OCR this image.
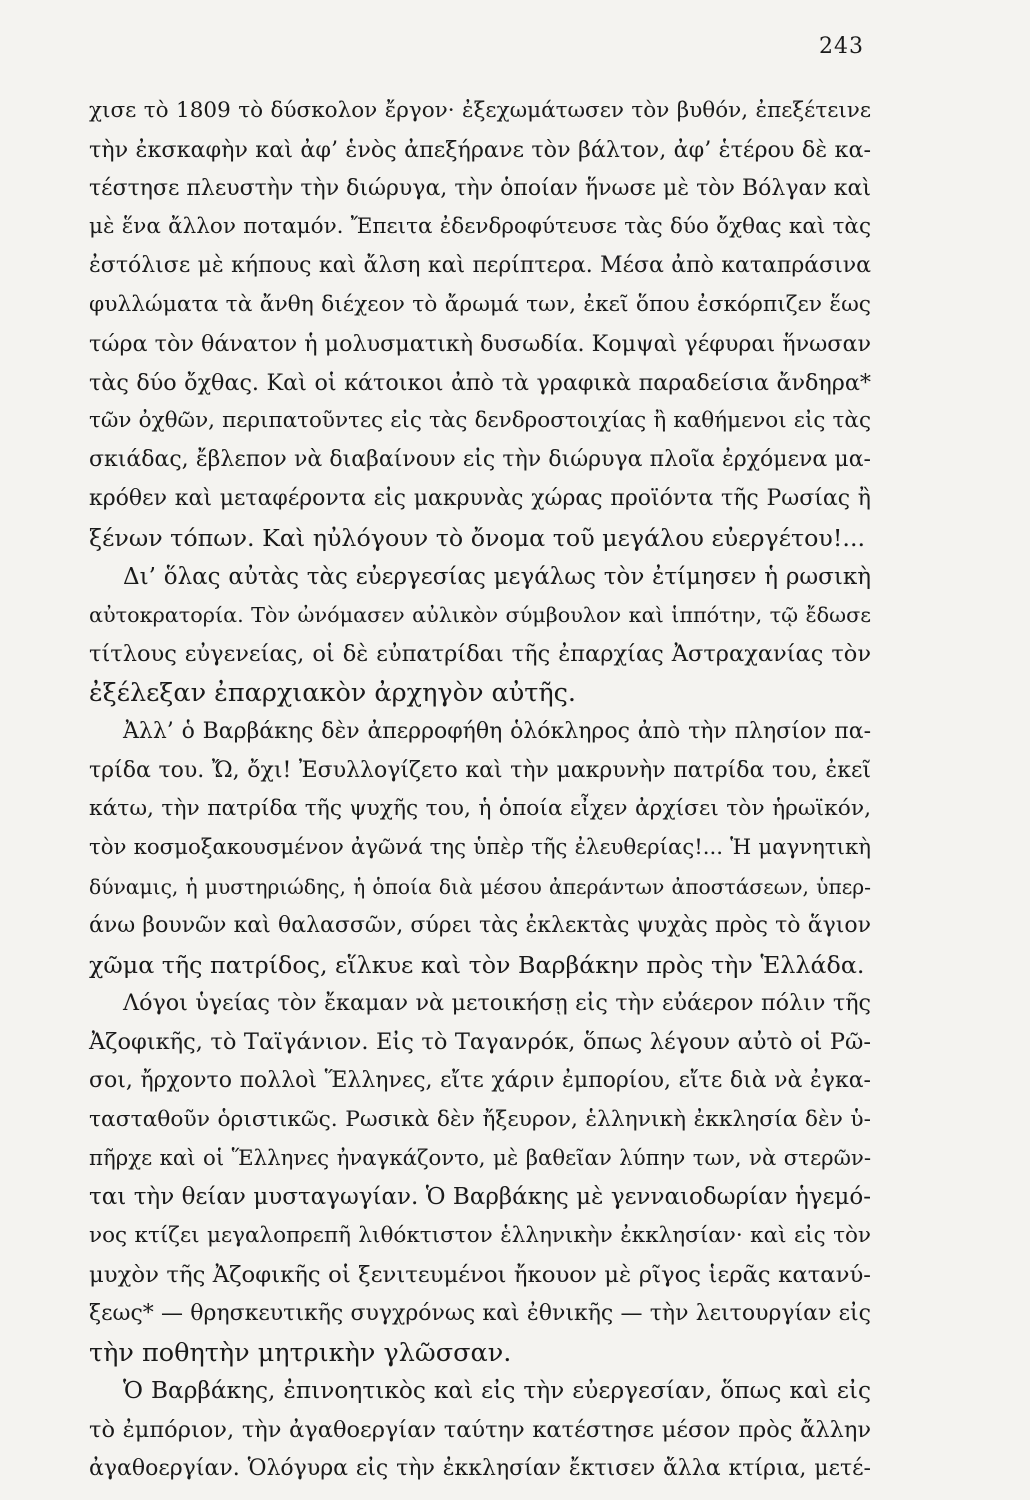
243
χισε τὸ 1809 τὸ δύσκολον ἔργον· ἐξεχωμάτωσεν τὸν βυθόν, ἐπεξέτεινε
τὴν ἐκσκαφὴν καὶ ἀφ’ ἑνὸς ἀπεξήρανε τὸν βάλτον, ἀφ’ ἑτέρου δὲ κα-
τέστησε πλευστὴν τὴν διώρυγα, τὴν ὁποίαν ἥνωσε μὲ τὸν Βόλγαν καὶ
μὲ ἕνα ἄλλον ποταμόν. Ἔπειτα ἐδενδροφύτευσε τὰς δύο ὄχθας καὶ τὰς
ἐστόλισε μὲ κήπους καὶ ἄλση καὶ περίπτερα. Μέσα ἀπὸ καταπράσινα
φυλλώματα τὰ ἄνθη διέχεον τὸ ἄρωμά των, ἐκεῖ ὅπου ἐσκόρπιζεν ἕως
τώρα τὸν θάνατον ἡ μολυσματικὴ δυσωδία. Κομψαὶ γέφυραι ἥνωσαν
τὰς δύο ὄχθας. Καὶ οἱ κάτοικοι ἀπὸ τὰ γραφικὰ παραδείσια ἄνδηρα*
τῶν ὀχθῶν, περιπατοῦντες εἰς τὰς δενδροστοιχίας ἢ καθήμενοι εἰς τὰς
σκιάδας, ἔβλεπον νὰ διαβαίνουν εἰς τὴν διώρυγα πλοῖα ἐρχόμενα μα-
κρόθεν καὶ μεταφέροντα εἰς μακρυνὰς χώρας προϊόντα τῆς Ρωσίας ἢ
ξένων τόπων. Καὶ ηὐλόγουν τὸ ὄνομα τοῦ μεγάλου εὐεργέτου!...
Δι’ ὅλας αὐτὰς τὰς εὐεργεσίας μεγάλως τὸν ἐτίμησεν ἡ ρωσικὴ
αὐτοκρατορία. Τὸν ὠνόμασεν αὐλικὸν σύμβουλον καὶ ἱππότην, τῷ ἔδωσε
τίτλους εὐγενείας, οἱ δὲ εὐπατρίδαι τῆς ἐπαρχίας Ἀστραχανίας τὸν
ἐξέλεξαν ἐπαρχιακὸν ἀρχηγὸν αὐτῆς.
Ἀλλ’ ὁ Βαρβάκης δὲν ἀπερροφήθη ὁλόκληρος ἀπὸ τὴν πλησίον πα-
τρίδα του. Ὤ, ὄχι! Ἐσυλλογίζετο καὶ τὴν μακρυνὴν πατρίδα του, ἐκεῖ
κάτω, τὴν πατρίδα τῆς ψυχῆς του, ἡ ὁποία εἶχεν ἀρχίσει τὸν ἡρωϊκόν,
τὸν κοσμοξακουσμένον ἀγῶνά της ὑπὲρ τῆς ἐλευθερίας!... Ἡ μαγνητικὴ
δύναμις, ἡ μυστηριώδης, ἡ ὁποία διὰ μέσου ἀπεράντων ἀποστάσεων, ὑπερ-
άνω βουνῶν καὶ θαλασσῶν, σύρει τὰς ἐκλεκτὰς ψυχὰς πρὸς τὸ ἅγιον
χῶμα τῆς πατρίδος, εἵλκυε καὶ τὸν Βαρβάκην πρὸς τὴν Ἑλλάδα.
Λόγοι ὑγείας τὸν ἔκαμαν νὰ μετοικήσῃ εἰς τὴν εὐάερον πόλιν τῆς
Ἀζοφικῆς, τὸ Ταϊγάνιον. Εἰς τὸ Ταγανρόκ, ὅπως λέγουν αὐτὸ οἱ Ρῶ-
σοι, ἤρχοντο πολλοὶ Ἕλληνες, εἴτε χάριν ἐμπορίου, εἴτε διὰ νὰ ἐγκα-
τασταθοῦν ὁριστικῶς. Ρωσικὰ δὲν ἤξευρον, ἑλληνικὴ ἐκκλησία δὲν ὑ-
πῆρχε καὶ οἱ Ἕλληνες ἠναγκάζοντο, μὲ βαθεῖαν λύπην των, νὰ στερῶν-
ται τὴν θείαν μυσταγωγίαν. Ὁ Βαρβάκης μὲ γενναιοδωρίαν ἡγεμό-
νος κτίζει μεγαλοπρεπῆ λιθόκτιστον ἑλληνικὴν ἐκκλησίαν· καὶ εἰς τὸν
μυχὸν τῆς Ἀζοφικῆς οἱ ξενιτευμένοι ἤκουον μὲ ρῖγος ἱερᾶς κατανύ-
ξεως* — θρησκευτικῆς συγχρόνως καὶ ἐθνικῆς — τὴν λειτουργίαν εἰς
τὴν ποθητὴν μητρικὴν γλῶσσαν.
Ὁ Βαρβάκης, ἐπινοητικὸς καὶ εἰς τὴν εὐεργεσίαν, ὅπως καὶ εἰς
τὸ ἐμπόριον, τὴν ἀγαθοεργίαν ταύτην κατέστησε μέσον πρὸς ἄλλην
ἀγαθοεργίαν. Ὁλόγυρα εἰς τὴν ἐκκλησίαν ἔκτισεν ἄλλα κτίρια, μετέ-
